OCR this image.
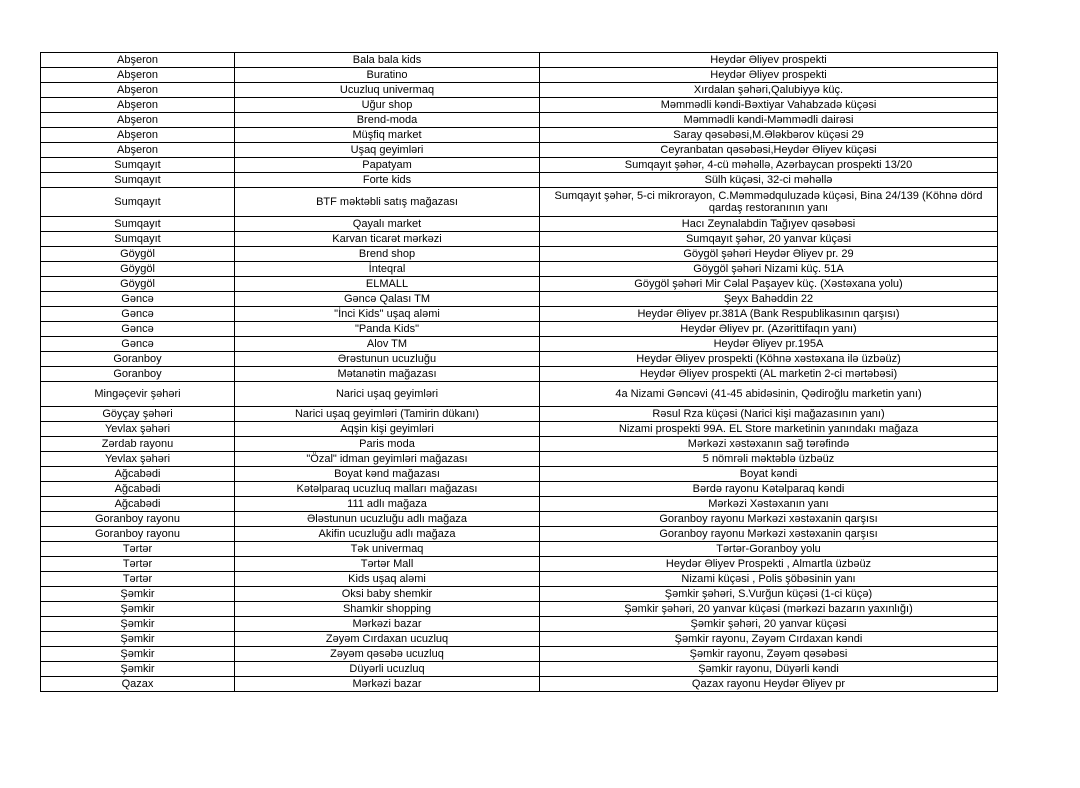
Abşeron	Bala bala kids	Heydər Əliyev prospekti
Abşeron	Buratino	Heydər Əliyev prospekti
Abşeron	Ucuzluq univermaq	Xırdalan şəhəri,Qalubiyyə küç.
Abşeron	Uğur shop	Məmmədli kəndi-Bəxtiyar Vahabzadə küçəsi
Abşeron	Brend-moda	Məmmədli kəndi-Məmmədli dairəsi
Abşeron	Müşfiq market	Saray qəsəbəsi,M.Ələkbərov küçəsi 29
Abşeron	Uşaq geyimləri	Ceyranbatan qəsəbəsi,Heydər Əliyev küçəsi
Sumqayıt	Papatyam	Sumqayıt şəhər, 4-cü məhəllə, Azərbaycan prospekti 13/20
Sumqayıt	Forte kids	Sülh küçəsi, 32-ci məhəllə
Sumqayıt	BTF məktəbli satış mağazası	Sumqayıt şəhər, 5-ci mikrorayon, C.Məmmədquluzadə küçəsi, Bina 24/139 (Köhnə dörd qardaş restoranının yanı
Sumqayıt	Qayalı market	Hacı Zeynalabdin Tağıyev qəsəbəsi
Sumqayıt	Karvan ticarət mərkəzi	Sumqayıt şəhər, 20 yanvar küçəsi
Göygöl	Brend shop	Göygöl şəhəri Heydər Əliyev pr. 29
Göygöl	İnteqral	Göygöl şəhəri Nizami küç. 51A
Göygöl	ELMALL	Göygöl şəhəri Mir Cəlal Paşayev küç. (Xəstəxana yolu)
Gəncə	Gəncə Qalası TM	Şeyx Bahəddin 22
Gəncə	"İnci Kids" uşaq aləmi	Heydər Əliyev pr.381A (Bank Respublikasının qarşısı)
Gəncə	"Panda Kids"	Heydər Əliyev pr. (Azərittifaqın yanı)
Gəncə	Alov TM	Heydər Əliyev pr.195A
Goranboy	Ərəstunun ucuzluğu	Heydər Əliyev prospekti (Köhnə xəstəxana ilə üzbəüz)
Goranboy	Mətanətin mağazası	Heydər Əliyev prospekti (AL marketin 2-ci mərtəbəsi)
Mingəçevir şəhəri	Narici uşaq geyimləri	4a Nizami Gəncəvi (41-45 abidəsinin, Qədiroğlu marketin yanı)
Göyçay şəhəri	Narici uşaq geyimləri (Tamirin dükanı)	Rəsul Rza küçəsi (Narici kişi mağazasının yanı)
Yevlax şəhəri	Aqşin kişi geyimləri	Nizami prospekti 99A. EL Store marketinin yanındakı mağaza
Zərdab rayonu	Paris moda	Mərkəzi xəstəxanın sağ tərəfində
Yevlax şəhəri	"Özal" idman geyimləri mağazası	5 nömrəli məktəblə üzbəüz
Ağcabədi	Boyat kənd mağazası	Boyat kəndi
Ağcabədi	Kətəlparaq ucuzluq malları mağazası	Bərdə rayonu Kətəlparaq kəndi
Ağcabədi	111 adlı mağaza	Mərkəzi Xəstəxanın yanı
Goranboy rayonu	Ələstunun ucuzluğu adlı mağaza	Goranboy rayonu Mərkəzi xəstəxanin qarşısı
Goranboy rayonu	Akifin ucuzluğu adlı mağaza	Goranboy rayonu Mərkəzi xəstəxanin qarşısı
Tərtər	Tək univermaq	Tərtər-Goranboy yolu
Tərtər	Tərtər Mall	Heydər Əliyev Prospekti , Almartla üzbəüz
Tərtər	Kids uşaq aləmi	Nizami küçəsi , Polis şöbəsinin yanı
Şəmkir	Oksi baby shemkir	Şəmkir şəhəri, S.Vurğun küçəsi (1-ci küçə)
Şəmkir	Shamkir shopping	Şəmkir şəhəri, 20 yanvar küçəsi (mərkəzi bazarın yaxınlığı)
Şəmkir	Mərkəzi bazar	Şəmkir şəhəri, 20 yanvar küçəsi
Şəmkir	Zəyəm Cırdaxan ucuzluq	Şəmkir rayonu, Zəyəm Cırdaxan kəndi
Şəmkir	Zəyəm qəsəbə ucuzluq	Şəmkir rayonu, Zəyəm qəsəbəsi
Şəmkir	Düyərli ucuzluq	Şəmkir rayonu, Düyərli kəndi
Qazax	Mərkəzi bazar	Qazax rayonu Heydər Əliyev pr
